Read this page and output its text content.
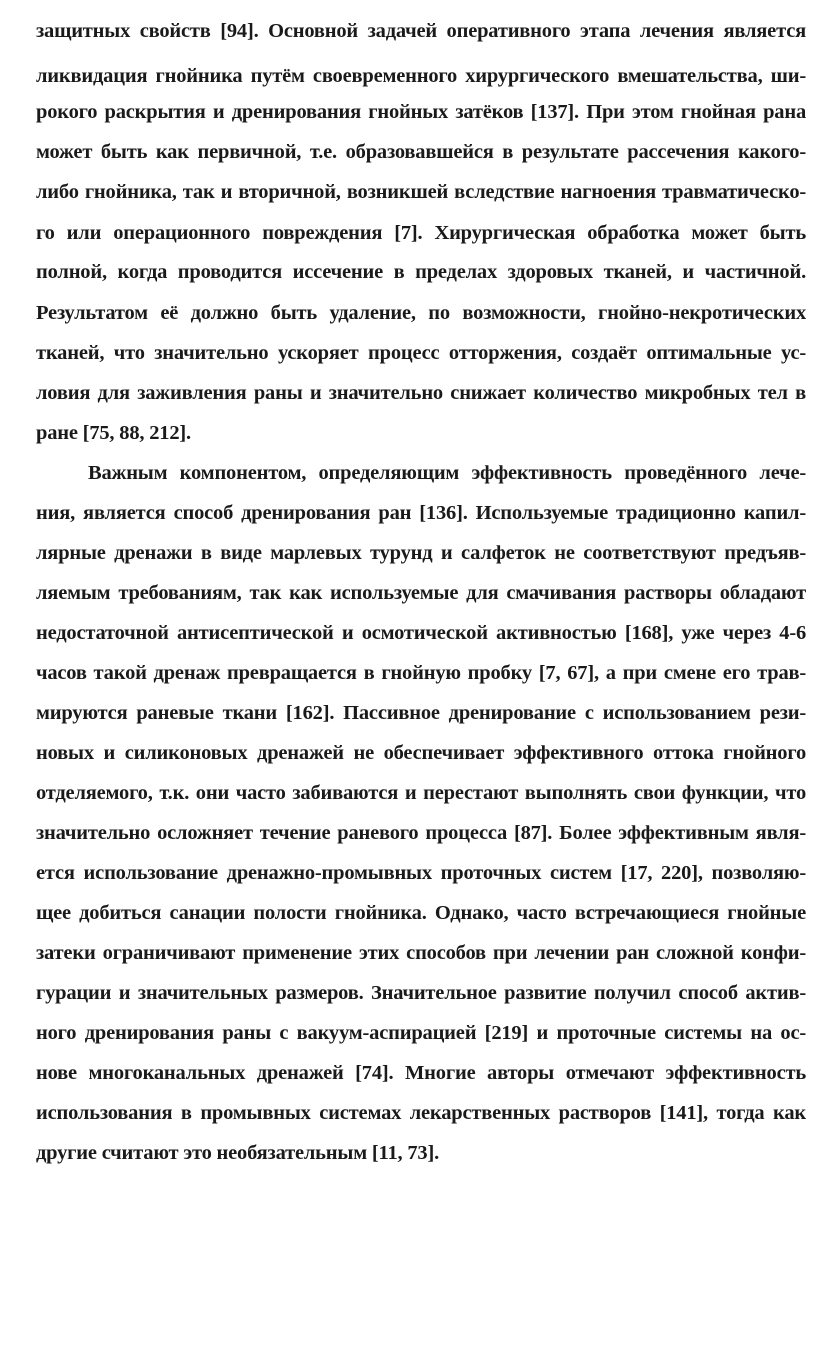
защитных свойств [94]. Основной задачей оперативного этапа лечения является
ликвидация гнойника путём своевременного хирургического вмешательства, ши-
рокого раскрытия и дренирования гнойных затёков [137]. При этом гнойная рана
может быть как первичной, т.е. образовавшейся в результате рассечения какого-
либо гнойника, так и вторичной, возникшей вследствие нагноения травматическо-
го или операционного повреждения [7]. Хирургическая обработка может быть
полной, когда проводится иссечение в пределах здоровых тканей, и частичной.
Результатом её должно быть удаление, по возможности, гнойно-некротических
тканей, что значительно ускоряет процесс отторжения, создаёт оптимальные ус-
ловия для заживления раны и значительно снижает количество микробных тел в
ране [75, 88, 212].
Важным компонентом, определяющим эффективность проведённого лече-
ния, является способ дренирования ран [136]. Используемые традиционно капил-
лярные дренажи в виде марлевых турунд и салфеток не соответствуют предъяв-
ляемым требованиям, так как используемые для смачивания растворы обладают
недостаточной антисептической и осмотической активностью [168], уже через 4-6
часов такой дренаж превращается в гнойную пробку [7, 67], а при смене его трав-
мируются раневые ткани [162]. Пассивное дренирование с использованием рези-
новых и силиконовых дренажей не обеспечивает эффективного оттока гнойного
отделяемого, т.к. они часто забиваются и перестают выполнять свои функции, что
значительно осложняет течение раневого процесса [87]. Более эффективным явля-
ется использование дренажно-промывных проточных систем [17, 220], позволяю-
щее добиться санации полости гнойника. Однако, часто встречающиеся гнойные
затеки ограничивают применение этих способов при лечении ран сложной конфи-
гурации и значительных размеров. Значительное развитие получил способ актив-
ного дренирования раны с вакуум-аспирацией [219] и проточные системы на ос-
нове многоканальных дренажей [74]. Многие авторы отмечают эффективность
использования в промывных системах лекарственных растворов [141], тогда как
другие считают это необязательным [11, 73].
